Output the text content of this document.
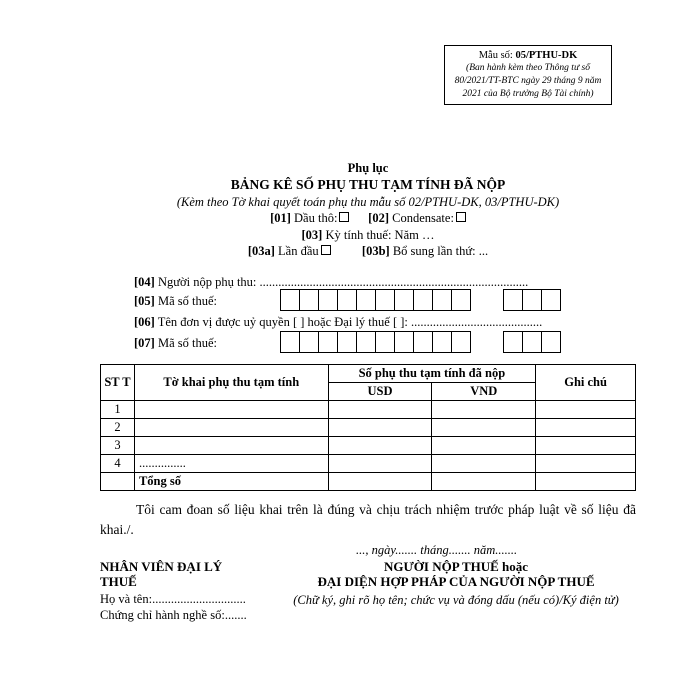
Mẫu số: 05/PTHU-DK
(Ban hành kèm theo Thông tư số
80/2021/TT-BTC ngày 29 tháng 9 năm
2021 của Bộ trưởng Bộ Tài chính)
Phụ lục
BẢNG KÊ SỐ PHỤ THU TẠM TÍNH ĐÃ NỘP
(Kèm theo Tờ khai quyết toán phụ thu mẫu số 02/PTHU-DK, 03/PTHU-DK)
[01] Dầu thô: [02] Condensate:
[03] Kỳ tính thuế: Năm …
[03a] Lần đầu	[03b] Bổ sung lần thứ: ...
[04] Người nộp phụ thu: ......................................................................................
[05] Mã số thuế:
[06] Tên đơn vị được uỷ quyền [ ] hoặc Đại lý thuế [ ]: ..........................................
[07] Mã số thuế:
ST T	Tờ khai phụ thu tạm tính	Số phụ thu tạm tính đã nộp		Ghi chú
		USD	VND	
1				
2				
3				
4	...............			
	Tổng số			
Tôi cam đoan số liệu khai trên là đúng và chịu trách nhiệm trước pháp luật về số liệu đã khai./.
..., ngày....... tháng....... năm.......
NHÂN VIÊN ĐẠI LÝ
THUẾ
Họ và tên:..............................
Chứng chỉ hành nghề số:.......
NGƯỜI NỘP THUẾ hoặc
ĐẠI DIỆN HỢP PHÁP CỦA NGƯỜI NỘP THUẾ
(Chữ ký, ghi rõ họ tên; chức vụ và đóng dấu (nếu có)/Ký điện tử)
